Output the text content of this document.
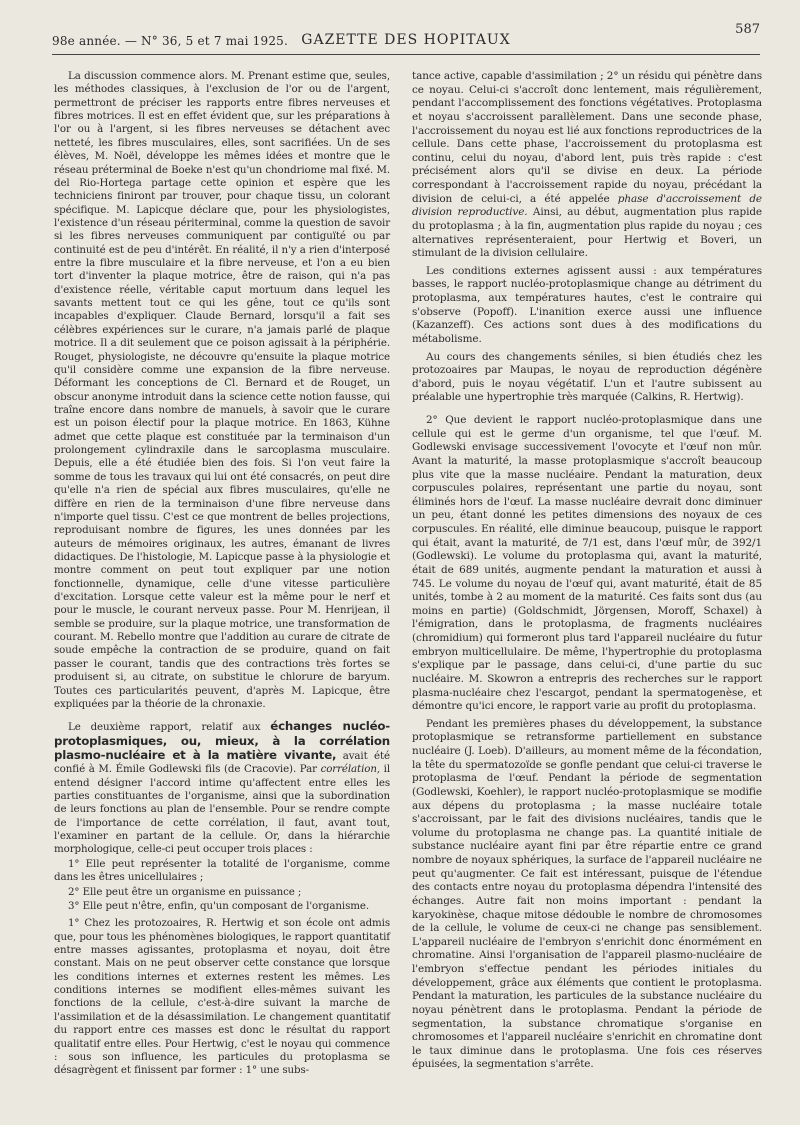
98e année. — N° 36, 5 et 7 mai 1925. GAZETTE DES HOPITAUX
587

La discussion commence alors. M. Prenant estime que, seules, les méthodes classiques, à l'exclusion de l'or ou de l'argent, permettront de préciser les rapports entre fibres nerveuses et fibres motrices. Il est en effet évident que, sur les préparations à l'or ou à l'argent, si les fibres nerveuses se détachent avec netteté, les fibres musculaires, elles, sont sacrifiées. Un de ses élèves, M. Noël, développe les mêmes idées et montre que le réseau préterminal de Boeke n'est qu'un chondriome mal fixé. M. del Rio-Hortega partage cette opinion et espère que les techniciens finiront par trouver, pour chaque tissu, un colorant spécifique. M. Lapicque déclare que, pour les physiologistes, l'existence d'un réseau périterminal, comme la question de savoir si les fibres nerveuses communiquent par contiguïté ou par continuité est de peu d'intérêt. En réalité, il n'y a rien d'interposé entre la fibre musculaire et la fibre nerveuse, et l'on a eu bien tort d'inventer la plaque motrice, être de raison, qui n'a pas d'existence réelle, véritable caput mortuum dans lequel les savants mettent tout ce qui les gêne, tout ce qu'ils sont incapables d'expliquer. Claude Bernard, lorsqu'il a fait ses célèbres expériences sur le curare, n'a jamais parlé de plaque motrice. Il a dit seulement que ce poison agissait à la périphérie. Rouget, physiologiste, ne découvre qu'ensuite la plaque motrice qu'il considère comme une expansion de la fibre nerveuse. Déformant les conceptions de Cl. Bernard et de Rouget, un obscur anonyme introduit dans la science cette notion fausse, qui traîne encore dans nombre de manuels, à savoir que le curare est un poison électif pour la plaque motrice. En 1863, Kühne admet que cette plaque est constituée par la terminaison d'un prolongement cylindraxile dans le sarcoplasma musculaire. Depuis, elle a été étudiée bien des fois. Si l'on veut faire la somme de tous les travaux qui lui ont été consacrés, on peut dire qu'elle n'a rien de spécial aux fibres musculaires, qu'elle ne diffère en rien de la terminaison d'une fibre nerveuse dans n'importe quel tissu. C'est ce que montrent de belles projections, reproduisant nombre de figures, les unes données par les auteurs de mémoires originaux, les autres, émanant de livres didactiques. De l'histologie, M. Lapicque passe à la physiologie et montre comment on peut tout expliquer par une notion fonctionnelle, dynamique, celle d'une vitesse particulière d'excitation. Lorsque cette valeur est la même pour le nerf et pour le muscle, le courant nerveux passe. Pour M. Henrijean, il semble se produire, sur la plaque motrice, une transformation de courant. M. Rebello montre que l'addition au curare de citrate de soude empêche la contraction de se produire, quand on fait passer le courant, tandis que des contractions très fortes se produisent si, au citrate, on substitue le chlorure de baryum. Toutes ces particularités peuvent, d'après M. Lapicque, être expliquées par la théorie de la chronaxie.

Le deuxième rapport, relatif aux échanges nucléo-protoplasmiques, ou, mieux, à la corrélation plasmo-nucléaire et à la matière vivante, avait été confié à M. Émile Godlewski fils (de Cracovie). Par corrélation, il entend désigner l'accord intime qu'affectent entre elles les parties constituantes de l'organisme, ainsi que la subordination de leurs fonctions au plan de l'ensemble. Pour se rendre compte de l'importance de cette corrélation, il faut, avant tout, l'examiner en partant de la cellule. Or, dans la hiérarchie morphologique, celle-ci peut occuper trois places :

1° Elle peut représenter la totalité de l'organisme, comme dans les êtres unicellulaires ;

2° Elle peut être un organisme en puissance ;

3° Elle peut n'être, enfin, qu'un composant de l'organisme.

1° Chez les protozoaires, R. Hertwig et son école ont admis que, pour tous les phénomènes biologiques, le rapport quantitatif entre masses agissantes, protoplasma et noyau, doit être constant. Mais on ne peut observer cette constance que lorsque les conditions internes et externes restent les mêmes. Les conditions internes se modifient elles-mêmes suivant les fonctions de la cellule, c'est-à-dire suivant la marche de l'assimilation et de la désassimilation. Le changement quantitatif du rapport entre ces masses est donc le résultat du rapport qualitatif entre elles. Pour Hertwig, c'est le noyau qui commence : sous son influence, les particules du protoplasma se désagrègent et finissent par former : 1° une subs-

tance active, capable d'assimilation ; 2° un résidu qui pénètre dans ce noyau. Celui-ci s'accroît donc lentement, mais régulièrement, pendant l'accomplissement des fonctions végétatives. Protoplasma et noyau s'accroissent parallèlement. Dans une seconde phase, l'accroissement du noyau est lié aux fonctions reproductrices de la cellule. Dans cette phase, l'accroissement du protoplasma est continu, celui du noyau, d'abord lent, puis très rapide : c'est précisément alors qu'il se divise en deux. La période correspondant à l'accroissement rapide du noyau, précédant la division de celui-ci, a été appelée phase d'accroissement de division reproductive. Ainsi, au début, augmentation plus rapide du protoplasma ; à la fin, augmentation plus rapide du noyau ; ces alternatives représenteraient, pour Hertwig et Boveri, un stimulant de la division cellulaire.

Les conditions externes agissent aussi : aux températures basses, le rapport nucléo-protoplasmique change au détriment du protoplasma, aux températures hautes, c'est le contraire qui s'observe (Popoff). L'inanition exerce aussi une influence (Kazanzeff). Ces actions sont dues à des modifications du métabolisme.

Au cours des changements séniles, si bien étudiés chez les protozoaires par Maupas, le noyau de reproduction dégénère d'abord, puis le noyau végétatif. L'un et l'autre subissent au préalable une hypertrophie très marquée (Calkins, R. Hertwig).

2° Que devient le rapport nucléo-protoplasmique dans une cellule qui est le germe d'un organisme, tel que l'œuf. M. Godlewski envisage successivement l'ovocyte et l'œuf non mûr. Avant la maturité, la masse protoplasmique s'accroît beaucoup plus vite que la masse nucléaire. Pendant la maturation, deux corpuscules polaires, représentant une partie du noyau, sont éliminés hors de l'œuf. La masse nucléaire devrait donc diminuer un peu, étant donné les petites dimensions des noyaux de ces corpuscules. En réalité, elle diminue beaucoup, puisque le rapport qui était, avant la maturité, de 7/1 est, dans l'œuf mûr, de 392/1 (Godlewski). Le volume du protoplasma qui, avant la maturité, était de 689 unités, augmente pendant la maturation et aussi à 745. Le volume du noyau de l'œuf qui, avant maturité, était de 85 unités, tombe à 2 au moment de la maturité. Ces faits sont dus (au moins en partie) (Goldschmidt, Jörgensen, Moroff, Schaxel) à l'émigration, dans le protoplasma, de fragments nucléaires (chromidium) qui formeront plus tard l'appareil nucléaire du futur embryon multicellulaire. De même, l'hypertrophie du protoplasma s'explique par le passage, dans celui-ci, d'une partie du suc nucléaire. M. Skowron a entrepris des recherches sur le rapport plasma-nucléaire chez l'escargot, pendant la spermatogenèse, et démontre qu'ici encore, le rapport varie au profit du protoplasma.

Pendant les premières phases du développement, la substance protoplasmique se retransforme partiellement en substance nucléaire (J. Loeb). D'ailleurs, au moment même de la fécondation, la tête du spermatozoïde se gonfle pendant que celui-ci traverse le protoplasma de l'œuf. Pendant la période de segmentation (Godlewski, Koehler), le rapport nucléo-protoplasmique se modifie aux dépens du protoplasma ; la masse nucléaire totale s'accroissant, par le fait des divisions nucléaires, tandis que le volume du protoplasma ne change pas. La quantité initiale de substance nucléaire ayant fini par être répartie entre ce grand nombre de noyaux sphériques, la surface de l'appareil nucléaire ne peut qu'augmenter. Ce fait est intéressant, puisque de l'étendue des contacts entre noyau du protoplasma dépendra l'intensité des échanges. Autre fait non moins important : pendant la karyokinèse, chaque mitose dédouble le nombre de chromosomes de la cellule, le volume de ceux-ci ne change pas sensiblement. L'appareil nucléaire de l'embryon s'enrichit donc énormément en chromatine. Ainsi l'organisation de l'appareil plasmo-nucléaire de l'embryon s'effectue pendant les périodes initiales du développement, grâce aux éléments que contient le protoplasma. Pendant la maturation, les particules de la substance nucléaire du noyau pénètrent dans le protoplasma. Pendant la période de segmentation, la substance chromatique s'organise en chromosomes et l'appareil nucléaire s'enrichit en chromatine dont le taux diminue dans le protoplasma. Une fois ces réserves épuisées, la segmentation s'arrête.
